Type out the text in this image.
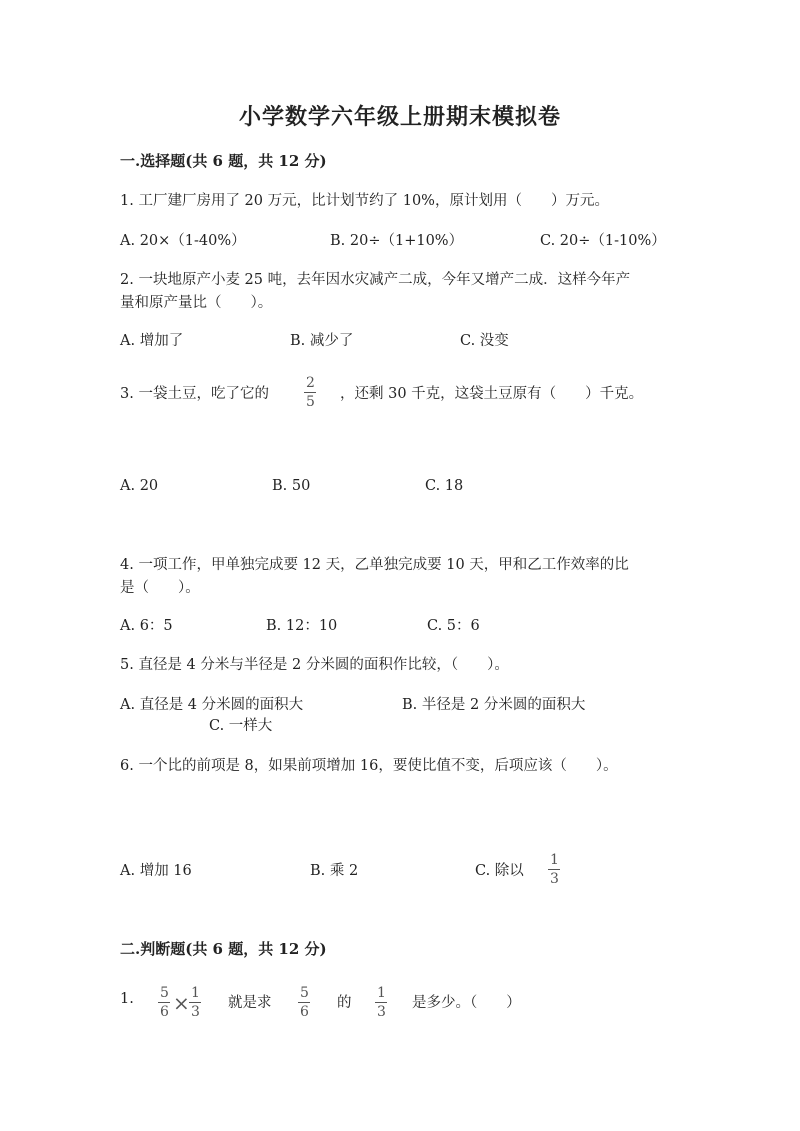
小学数学六年级上册期末模拟卷
一.选择题(共 6 题，共 12 分)
1. 工厂建厂房用了 20 万元，比计划节约了 10%，原计划用（　　）万元。
A. 20×（1-40%）	B. 20÷（1+10%）	C. 20÷（1-10%）
2. 一块地原产小麦 25 吨，去年因水灾减产二成，今年又增产二成．这样今年产
量和原产量比（　　）。
A. 增加了	B. 减少了	C. 没变
3. 一袋土豆，吃了它的
2
5 ，还剩 30 千克，这袋土豆原有（　　）千克。
A. 20	B. 50	C. 18
4. 一项工作，甲单独完成要 12 天，乙单独完成要 10 天，甲和乙工作效率的比
是（　　）。
A. 6：5	B. 12：10	C. 5：6
5. 直径是 4 分米与半径是 2 分米圆的面积作比较，（　　）。
A. 直径是 4 分米圆的面积大	B. 半径是 2 分米圆的面积大
C. 一样大
6. 一个比的前项是 8，如果前项增加 16，要使比值不变，后项应该（　　）。
A. 增加 16	B. 乘 2	C. 除以
1
3
二.判断题(共 6 题，共 12 分)
1. 5
6 × 1
3
就是求
5
6
的
1
3
是多少。（　　）
